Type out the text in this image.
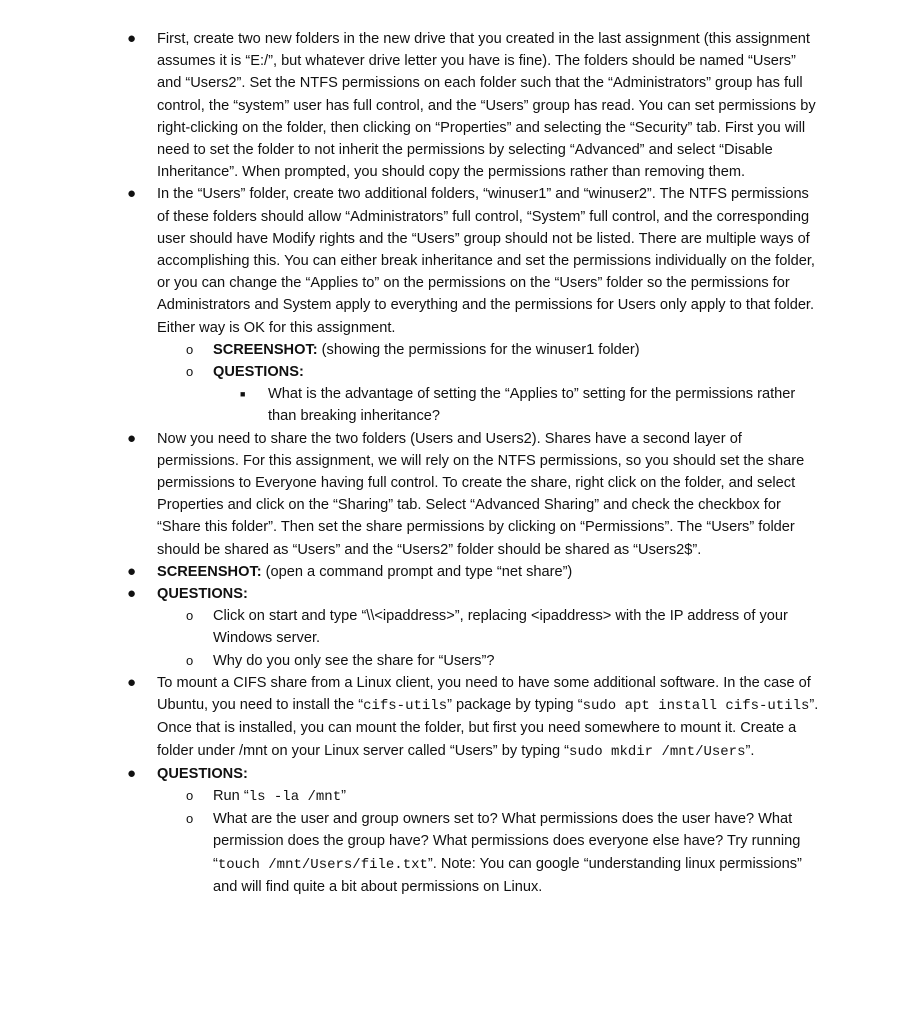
● First, create two new folders in the new drive that you created in the last assignment (this assignment assumes it is “E:/”, but whatever drive letter you have is fine). The folders should be named “Users” and “Users2”. Set the NTFS permissions on each folder such that the “Administrators” group has full control, the “system” user has full control, and the “Users” group has read. You can set permissions by right-clicking on the folder, then clicking on “Properties” and selecting the “Security” tab. First you will need to set the folder to not inherit the permissions by selecting “Advanced” and select “Disable Inheritance”. When prompted, you should copy the permissions rather than removing them.
● In the “Users” folder, create two additional folders, “winuser1” and “winuser2”. The NTFS permissions of these folders should allow “Administrators” full control, “System” full control, and the corresponding user should have Modify rights and the “Users” group should not be listed. There are multiple ways of accomplishing this. You can either break inheritance and set the permissions individually on the folder, or you can change the “Applies to” on the permissions on the “Users” folder so the permissions for Administrators and System apply to everything and the permissions for Users only apply to that folder. Either way is OK for this assignment.
o SCREENSHOT: (showing the permissions for the winuser1 folder)
o QUESTIONS:
■ What is the advantage of setting the “Applies to” setting for the permissions rather than breaking inheritance?
● Now you need to share the two folders (Users and Users2). Shares have a second layer of permissions. For this assignment, we will rely on the NTFS permissions, so you should set the share permissions to Everyone having full control. To create the share, right click on the folder, and select Properties and click on the “Sharing” tab. Select “Advanced Sharing” and check the checkbox for “Share this folder”. Then set the share permissions by clicking on “Permissions”. The “Users” folder should be shared as “Users” and the “Users2” folder should be shared as “Users2$”.
● SCREENSHOT: (open a command prompt and type “net share”)
● QUESTIONS:
o Click on start and type “\\<ipaddress>”, replacing <ipaddress> with the IP address of your Windows server.
o Why do you only see the share for “Users”?
● To mount a CIFS share from a Linux client, you need to have some additional software. In the case of Ubuntu, you need to install the “cifs-utils” package by typing “sudo apt install cifs-utils”. Once that is installed, you can mount the folder, but first you need somewhere to mount it. Create a folder under /mnt on your Linux server called “Users” by typing “sudo mkdir /mnt/Users”.
● QUESTIONS:
o Run “ls -la /mnt”
o What are the user and group owners set to? What permissions does the user have? What permission does the group have? What permissions does everyone else have? Try running “touch /mnt/Users/file.txt”. Note: You can google “understanding linux permissions” and will find quite a bit about permissions on Linux.
